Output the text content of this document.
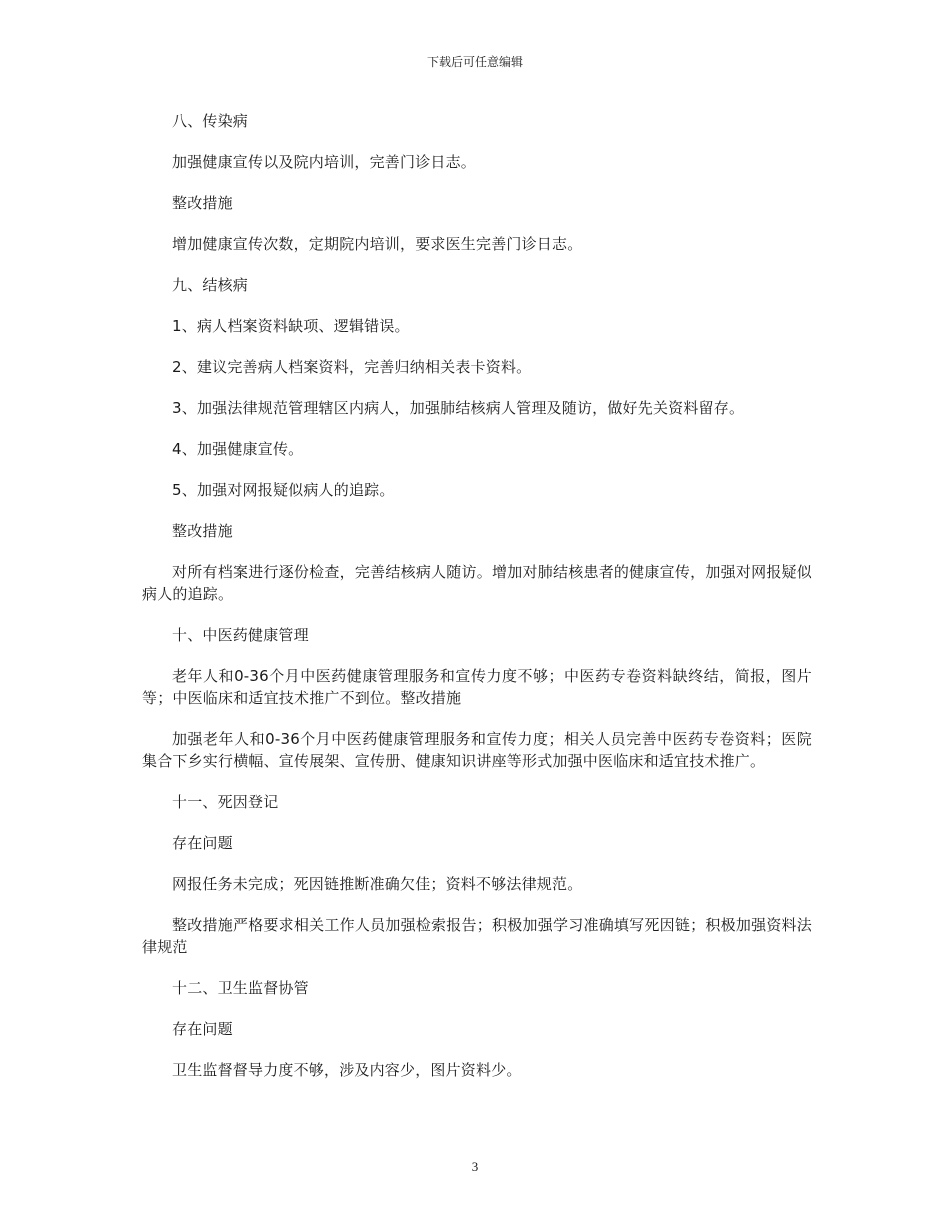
下载后可任意编辑

八、传染病

加强健康宣传以及院内培训，完善门诊日志。

整改措施

增加健康宣传次数，定期院内培训，要求医生完善门诊日志。

九、结核病

1、病人档案资料缺项、逻辑错误。

2、建议完善病人档案资料，完善归纳相关表卡资料。

3、加强法律规范管理辖区内病人，加强肺结核病人管理及随访，做好先关资料留存。

4、加强健康宣传。

5、加强对网报疑似病人的追踪。

整改措施

对所有档案进行逐份检查，完善结核病人随访。增加对肺结核患者的健康宣传，加强对网报疑似病人的追踪。

十、中医药健康管理

老年人和0-36个月中医药健康管理服务和宣传力度不够；中医药专卷资料缺终结，简报，图片等；中医临床和适宜技术推广不到位。整改措施

加强老年人和0-36个月中医药健康管理服务和宣传力度；相关人员完善中医药专卷资料；医院集合下乡实行横幅、宣传展架、宣传册、健康知识讲座等形式加强中医临床和适宜技术推广。

十一、死因登记

存在问题

网报任务未完成；死因链推断准确欠佳；资料不够法律规范。

整改措施严格要求相关工作人员加强检索报告；积极加强学习准确填写死因链；积极加强资料法律规范

十二、卫生监督协管

存在问题

卫生监督督导力度不够，涉及内容少，图片资料少。

3
